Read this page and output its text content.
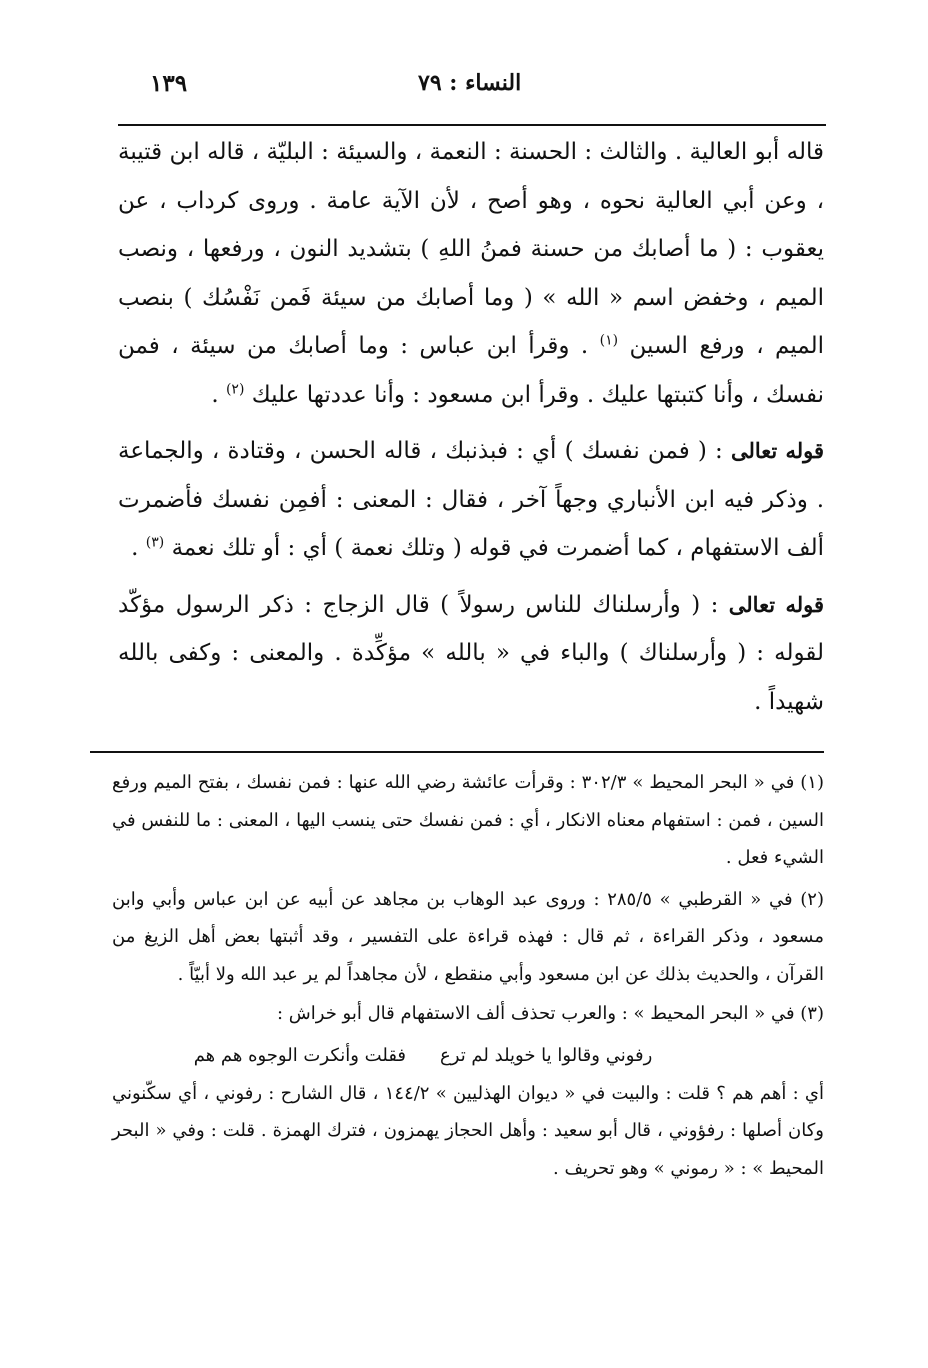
١٣٩	النساء : ٧٩

قاله أبو العالية . والثالث : الحسنة : النعمة ، والسيئة : البليّة ، قاله ابن قتيبة ، وعن أبي العالية نحوه ، وهو أصح ، لأن الآية عامة . وروى كرداب ، عن يعقوب : ( ما أصابك من حسنة فمنُ اللهِ ) بتشديد النون ، ورفعها ، ونصب الميم ، وخفض اسم « الله » ( وما أصابك من سيئة فَمن نَفْسُك ) بنصب الميم ، ورفع السين $^{(١)}$ . وقرأ ابن عباس : وما أصابك من سيئة ، فمن نفسك ، وأنا كتبتها عليك . وقرأ ابن مسعود : وأنا عددتها عليك $^{(٢)}$ .

قوله تعالى : ( فمن نفسك ) أي : فبذنبك ، قاله الحسن ، وقتادة ، والجماعة . وذكر فيه ابن الأنباري وجهاً آخر ، فقال : المعنى : أفمِن نفسك فأضمرت ألف الاستفهام ، كما أضمرت في قوله ( وتلك نعمة ) أي : أو تلك نعمة $^{(٣)}$ .

قوله تعالى : ( وأرسلناك للناس رسولاً ) قال الزجاج : ذكر الرسول مؤكّد لقوله : ( وأرسلناك ) والباء في « بالله » مؤكِّدة . والمعنى : وكفى بالله شهيداً .

(١) في « البحر المحيط » ٣٠٢/٣ : وقرأت عائشة رضي الله عنها : فمن نفسك ، بفتح الميم ورفع السين ، فمن : استفهام معناه الانكار ، أي : فمن نفسك حتى ينسب اليها ، المعنى : ما للنفس في الشيء فعل .

(٢) في « القرطبي » ٢٨٥/٥ : وروى عبد الوهاب بن مجاهد عن أبيه عن ابن عباس وأبي وابن مسعود ، وذكر القراءة ، ثم قال : فهذه قراءة على التفسير ، وقد أثبتها بعض أهل الزيغ من القرآن ، والحديث بذلك عن ابن مسعود وأبي منقطع ، لأن مجاهداً لم ير عبد الله ولا أبيّاً .

(٣) في « البحر المحيط » : والعرب تحذف ألف الاستفهام قال أبو خراش :

رفوني وقالوا يا خويلد لم ترعفقلت وأنكرت الوجوه هم هم

أي : أهم هم ؟ قلت : والبيت في « ديوان الهذليين » ١٤٤/٢ ، قال الشارح : رفوني ، أي سكّنوني وكان أصلها : رفؤوني ، قال أبو سعيد : وأهل الحجاز يهمزون ، فترك الهمزة . قلت : وفي « البحر المحيط » : « رموني » وهو تحريف .
